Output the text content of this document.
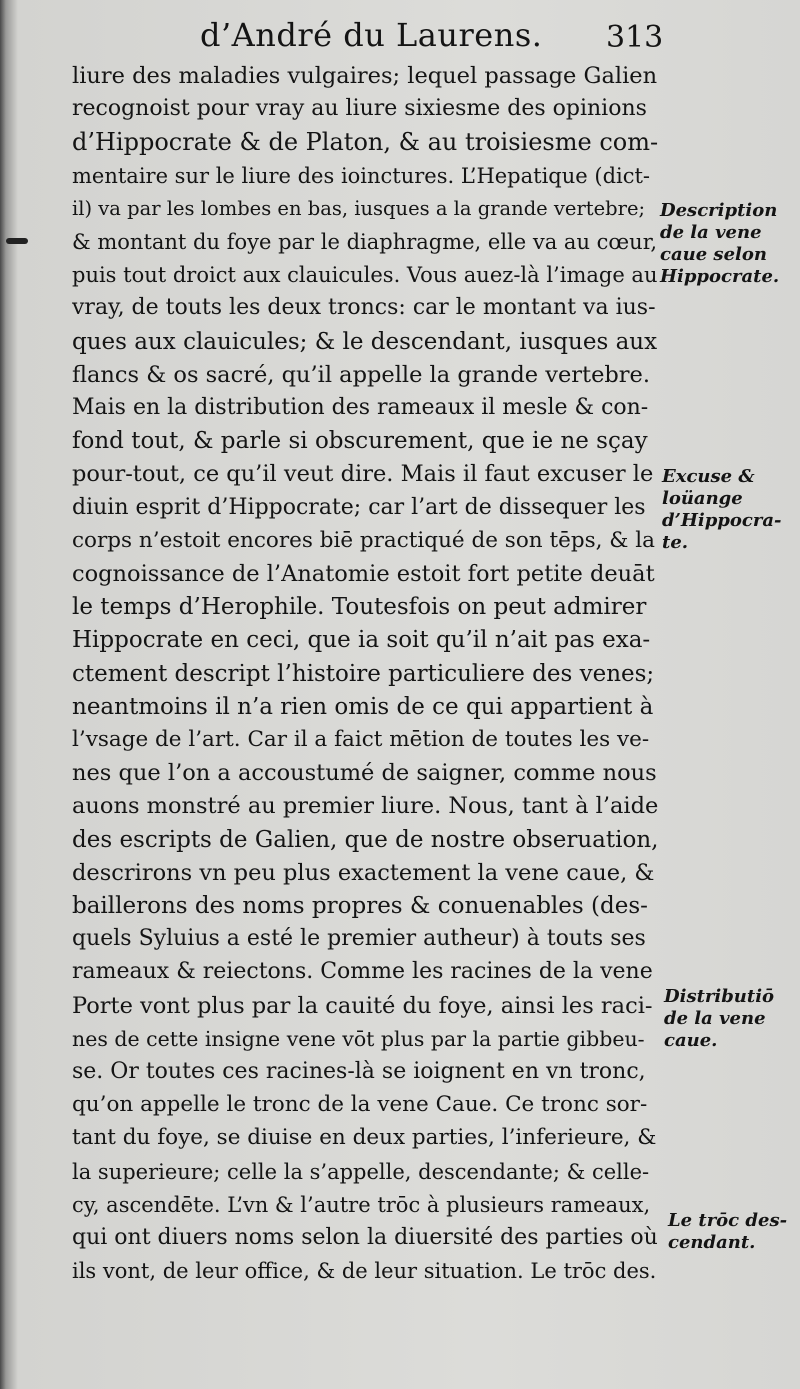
d’André du Laurens. 313
liure des maladies vulgaires; lequel passage Galien
recognoist pour vray au liure sixiesme des opinions
d’Hippocrate & de Platon, & au troisiesme com-
mentaire sur le liure des ioinctures. L’Hepatique (dict-
il) va par les lombes en bas, iusques a la grande vertebre;
& montant du foye par le diaphragme, elle va au cœur,
puis tout droict aux clauicules. Vous auez-là l’image au
vray, de touts les deux troncs: car le montant va ius-
ques aux clauicules; & le descendant, iusques aux
flancs & os sacré, qu’il appelle la grande vertebre.
Mais en la distribution des rameaux il mesle & con-
fond tout, & parle si obscurement, que ie ne sçay
pour-tout, ce qu’il veut dire. Mais il faut excuser le
diuin esprit d’Hippocrate; car l’art de dissequer les
corps n’estoit encores biē practiqué de son tēps, & la
cognoissance de l’Anatomie estoit fort petite deuāt
le temps d’Herophile. Toutesfois on peut admirer
Hippocrate en ceci, que ia soit qu’il n’ait pas exa-
ctement descript l’histoire particuliere des venes;
neantmoins il n’a rien omis de ce qui appartient à
l’vsage de l’art. Car il a faict mētion de toutes les ve-
nes que l’on a accoustumé de saigner, comme nous
auons monstré au premier liure. Nous, tant à l’aide
des escripts de Galien, que de nostre obseruation,
descrirons vn peu plus exactement la vene caue, &
baillerons des noms propres & conuenables (des-
quels Syluius a esté le premier autheur) à touts ses
rameaux & reiectons. Comme les racines de la vene
Porte vont plus par la cauité du foye, ainsi les raci-
nes de cette insigne vene vōt plus par la partie gibbeu-
se. Or toutes ces racines-là se ioignent en vn tronc,
qu’on appelle le tronc de la vene Caue. Ce tronc sor-
tant du foye, se diuise en deux parties, l’inferieure, &
la superieure; celle la s’appelle, descendante; & celle-
cy, ascendēte. L’vn & l’autre trōc à plusieurs rameaux,
qui ont diuers noms selon la diuersité des parties où
ils vont, de leur office, & de leur situation. Le trōc des.
Description
de la vene
caue selon
Hippocrate.
Excuse &
loüange
d’Hippocra-
te.
Distributiō
de la vene
caue.
Le trōc des-
cendant.
